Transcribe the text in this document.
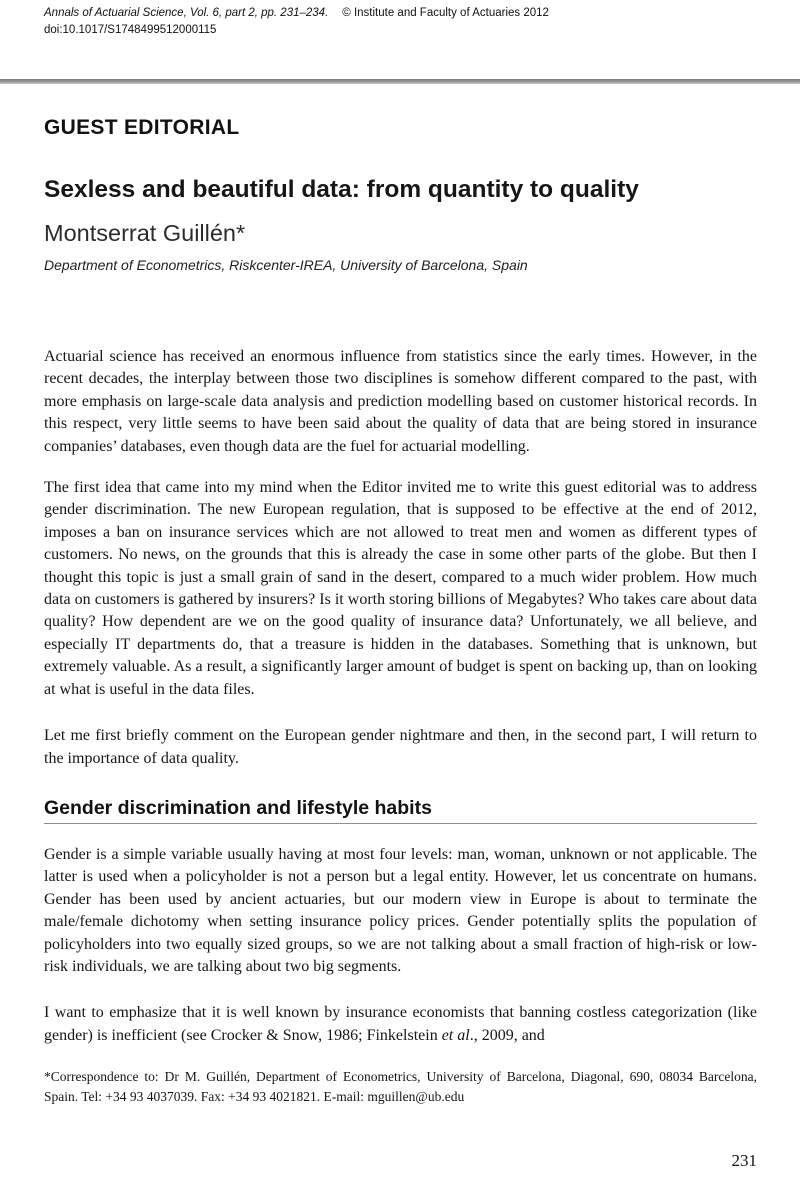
Annals of Actuarial Science, Vol. 6, part 2, pp. 231–234. © Institute and Faculty of Actuaries 2012
doi:10.1017/S1748499512000115
GUEST EDITORIAL
Sexless and beautiful data: from quantity to quality
Montserrat Guillén*
Department of Econometrics, Riskcenter-IREA, University of Barcelona, Spain

Actuarial science has received an enormous influence from statistics since the early times. However, in the recent decades, the interplay between those two disciplines is somehow different compared to the past, with more emphasis on large-scale data analysis and prediction modelling based on customer historical records. In this respect, very little seems to have been said about the quality of data that are being stored in insurance companies’ databases, even though data are the fuel for actuarial modelling.

The first idea that came into my mind when the Editor invited me to write this guest editorial was to address gender discrimination. The new European regulation, that is supposed to be effective at the end of 2012, imposes a ban on insurance services which are not allowed to treat men and women as different types of customers. No news, on the grounds that this is already the case in some other parts of the globe. But then I thought this topic is just a small grain of sand in the desert, compared to a much wider problem. How much data on customers is gathered by insurers? Is it worth storing billions of Megabytes? Who takes care about data quality? How dependent are we on the good quality of insurance data? Unfortunately, we all believe, and especially IT departments do, that a treasure is hidden in the databases. Something that is unknown, but extremely valuable. As a result, a significantly larger amount of budget is spent on backing up, than on looking at what is useful in the data files.

Let me first briefly comment on the European gender nightmare and then, in the second part, I will return to the importance of data quality.

Gender discrimination and lifestyle habits

Gender is a simple variable usually having at most four levels: man, woman, unknown or not applicable. The latter is used when a policyholder is not a person but a legal entity. However, let us concentrate on humans. Gender has been used by ancient actuaries, but our modern view in Europe is about to terminate the male/female dichotomy when setting insurance policy prices. Gender potentially splits the population of policyholders into two equally sized groups, so we are not talking about a small fraction of high-risk or low-risk individuals, we are talking about two big segments.

I want to emphasize that it is well known by insurance economists that banning costless categorization (like gender) is inefficient (see Crocker & Snow, 1986; Finkelstein et al., 2009, and

*Correspondence to: Dr M. Guillén, Department of Econometrics, University of Barcelona, Diagonal, 690, 08034 Barcelona, Spain. Tel: +34 93 4037039. Fax: +34 93 4021821. E-mail: mguillen@ub.edu

231
